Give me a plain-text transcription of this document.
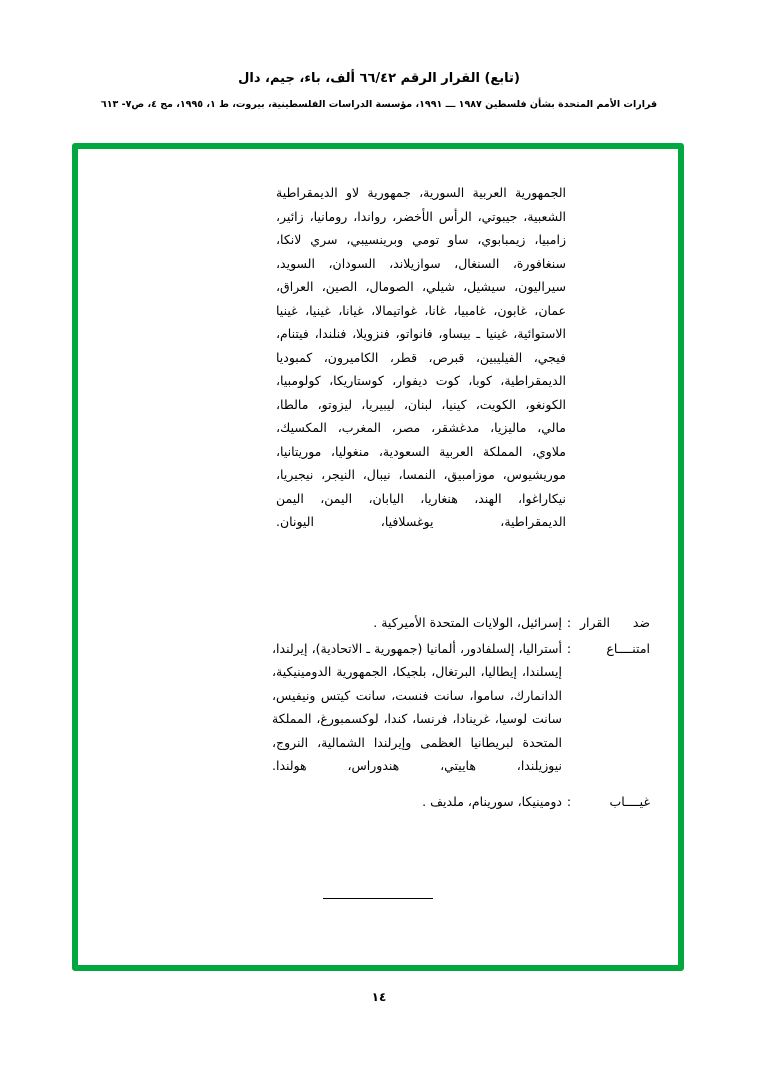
(تابع) القرار الرقم ٦٦/٤٢ ألف، باء، جيم، دال
قرارات الأمم المتحدة بشأن فلسطين ١٩٨٧ ـــ ١٩٩١، مؤسسة الدراسات الفلسطينية، بيروت، ط ١، ١٩٩٥، مج ٤، ص٧- ٦١٣
الجمهورية العربية السورية، جمهورية لاو الديمقراطية الشعبية، جيبوتي، الرأس الأخضر، رواندا، رومانيا، زائير، زامبيا، زيمبابوي، ساو تومي وبرينسيبي، سري لانكا، سنغافورة، السنغال، سوازيلاند، السودان، السويد، سيراليون، سيشيل، شيلي، الصومال، الصين، العراق، عمان، غابون، غامبيا، غانا، غواتيمالا، غيانا، غينيا، غينيا الاستوائية، غينيا ـ بيساو، فانواتو، فنزويلا، فنلندا، فيتنام، فيجي، الفيليبين، قبرص، قطر، الكاميرون، كمبوديا الديمقراطية، كوبا، كوت ديفوار، كوستاريكا، كولومبيا، الكونغو، الكويت، كينيا، لبنان، ليبيريا، ليزوتو، مالطا، مالي، ماليزيا، مدغشقر، مصر، المغرب، المكسيك، ملاوي، المملكة العربية السعودية، منغوليا، موريتانيا، موريشيوس، موزامبيق، النمسا، نيبال، النيجر، نيجيريا، نيكاراغوا، الهند، هنغاريا، اليابان، اليمن، اليمن الديمقراطية، يوغسلافيا، اليونان.
ضد القرار
:
إسرائيل، الولايات المتحدة الأميركية .
امتنــــاع
:
أستراليا، إلسلفادور، ألمانيا (جمهورية ـ الاتحادية)، إيرلندا، إيسلندا، إيطاليا، البرتغال، بلجيكا، الجمهورية الدومينيكية، الدانمارك، ساموا، سانت فنست، سانت كيتس ونيفيس، سانت لوسيا، غرينادا، فرنسا، كندا، لوكسمبورغ، المملكة المتحدة لبريطانيا العظمى وإيرلندا الشمالية، النروج، نيوزيلندا، هاييتي، هندوراس، هولندا.
غيــــاب
:
دومينيكا، سورينام، ملديف .
١٤
